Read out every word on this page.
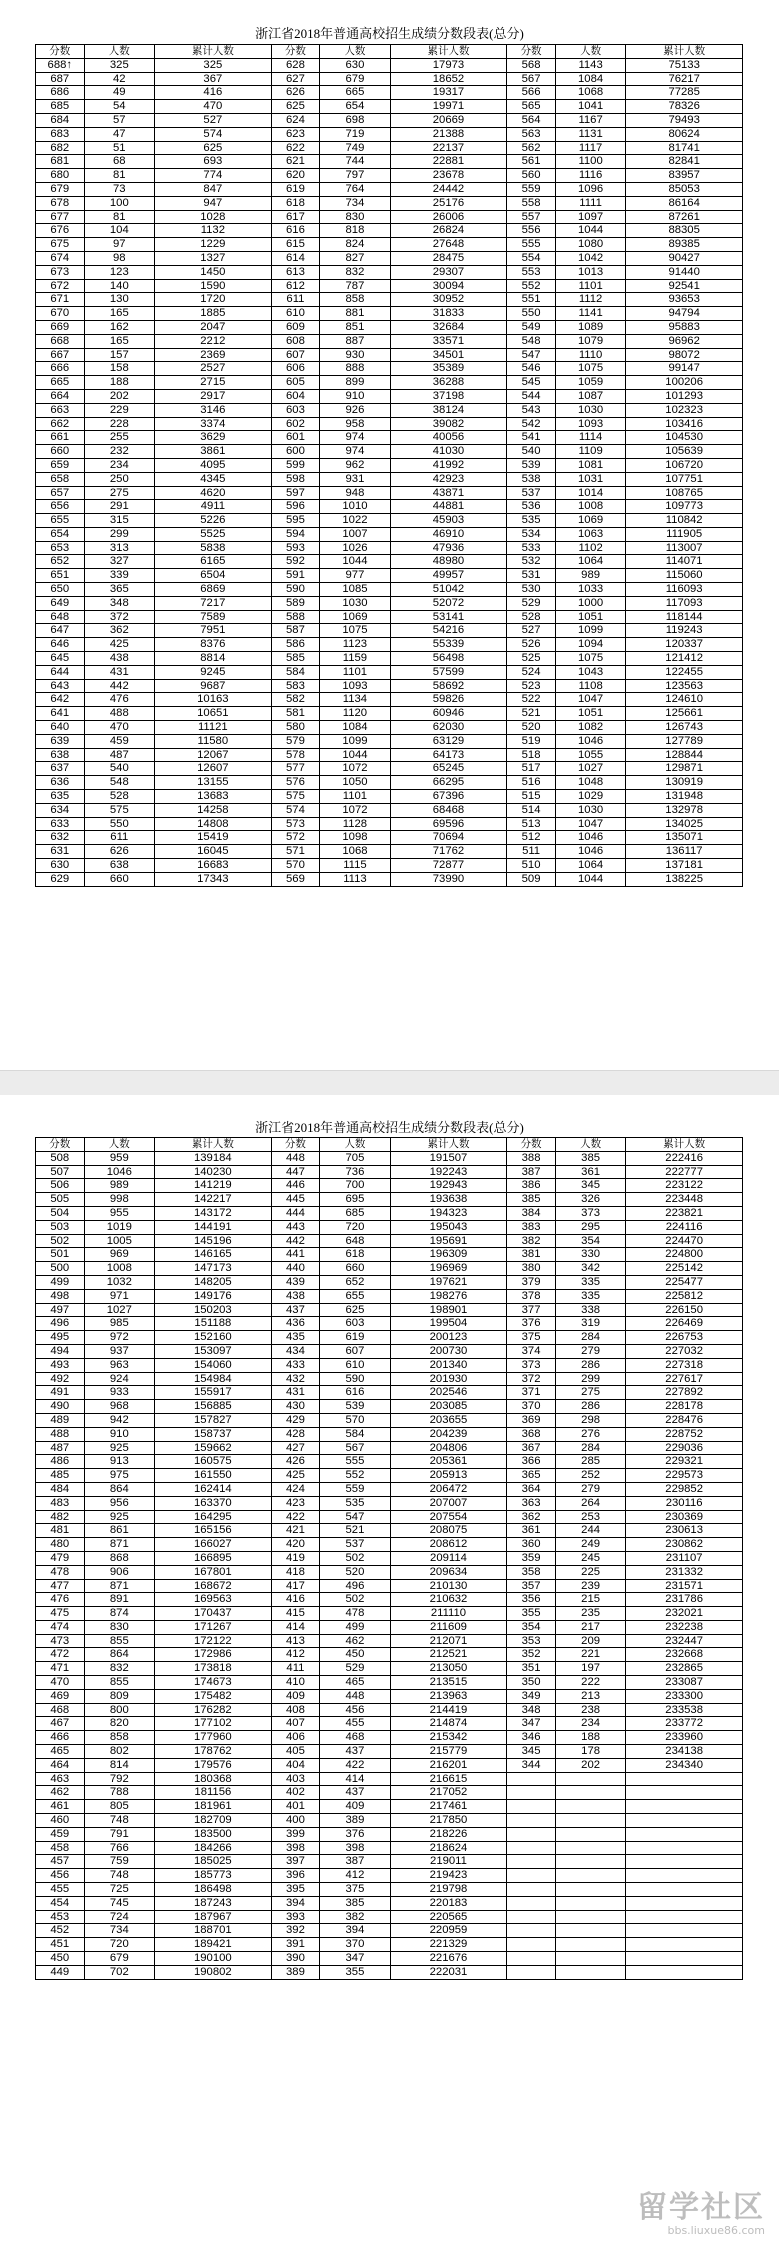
浙江省2018年普通高校招生成绩分数段表(总分)
分数	人数	累计人数	分数	人数	累计人数	分数	人数	累计人数
688↑	325	325	628	630	17973	568	1143	75133
687	42	367	627	679	18652	567	1084	76217
686	49	416	626	665	19317	566	1068	77285
685	54	470	625	654	19971	565	1041	78326
684	57	527	624	698	20669	564	1167	79493
683	47	574	623	719	21388	563	1131	80624
682	51	625	622	749	22137	562	1117	81741
681	68	693	621	744	22881	561	1100	82841
680	81	774	620	797	23678	560	1116	83957
679	73	847	619	764	24442	559	1096	85053
678	100	947	618	734	25176	558	1111	86164
677	81	1028	617	830	26006	557	1097	87261
676	104	1132	616	818	26824	556	1044	88305
675	97	1229	615	824	27648	555	1080	89385
674	98	1327	614	827	28475	554	1042	90427
673	123	1450	613	832	29307	553	1013	91440
672	140	1590	612	787	30094	552	1101	92541
671	130	1720	611	858	30952	551	1112	93653
670	165	1885	610	881	31833	550	1141	94794
669	162	2047	609	851	32684	549	1089	95883
668	165	2212	608	887	33571	548	1079	96962
667	157	2369	607	930	34501	547	1110	98072
666	158	2527	606	888	35389	546	1075	99147
665	188	2715	605	899	36288	545	1059	100206
664	202	2917	604	910	37198	544	1087	101293
663	229	3146	603	926	38124	543	1030	102323
662	228	3374	602	958	39082	542	1093	103416
661	255	3629	601	974	40056	541	1114	104530
660	232	3861	600	974	41030	540	1109	105639
659	234	4095	599	962	41992	539	1081	106720
658	250	4345	598	931	42923	538	1031	107751
657	275	4620	597	948	43871	537	1014	108765
656	291	4911	596	1010	44881	536	1008	109773
655	315	5226	595	1022	45903	535	1069	110842
654	299	5525	594	1007	46910	534	1063	111905
653	313	5838	593	1026	47936	533	1102	113007
652	327	6165	592	1044	48980	532	1064	114071
651	339	6504	591	977	49957	531	989	115060
650	365	6869	590	1085	51042	530	1033	116093
649	348	7217	589	1030	52072	529	1000	117093
648	372	7589	588	1069	53141	528	1051	118144
647	362	7951	587	1075	54216	527	1099	119243
646	425	8376	586	1123	55339	526	1094	120337
645	438	8814	585	1159	56498	525	1075	121412
644	431	9245	584	1101	57599	524	1043	122455
643	442	9687	583	1093	58692	523	1108	123563
642	476	10163	582	1134	59826	522	1047	124610
641	488	10651	581	1120	60946	521	1051	125661
640	470	11121	580	1084	62030	520	1082	126743
639	459	11580	579	1099	63129	519	1046	127789
638	487	12067	578	1044	64173	518	1055	128844
637	540	12607	577	1072	65245	517	1027	129871
636	548	13155	576	1050	66295	516	1048	130919
635	528	13683	575	1101	67396	515	1029	131948
634	575	14258	574	1072	68468	514	1030	132978
633	550	14808	573	1128	69596	513	1047	134025
632	611	15419	572	1098	70694	512	1046	135071
631	626	16045	571	1068	71762	511	1046	136117
630	638	16683	570	1115	72877	510	1064	137181
629	660	17343	569	1113	73990	509	1044	138225
浙江省2018年普通高校招生成绩分数段表(总分)
分数	人数	累计人数	分数	人数	累计人数	分数	人数	累计人数
508	959	139184	448	705	191507	388	385	222416
507	1046	140230	447	736	192243	387	361	222777
506	989	141219	446	700	192943	386	345	223122
505	998	142217	445	695	193638	385	326	223448
504	955	143172	444	685	194323	384	373	223821
503	1019	144191	443	720	195043	383	295	224116
502	1005	145196	442	648	195691	382	354	224470
501	969	146165	441	618	196309	381	330	224800
500	1008	147173	440	660	196969	380	342	225142
499	1032	148205	439	652	197621	379	335	225477
498	971	149176	438	655	198276	378	335	225812
497	1027	150203	437	625	198901	377	338	226150
496	985	151188	436	603	199504	376	319	226469
495	972	152160	435	619	200123	375	284	226753
494	937	153097	434	607	200730	374	279	227032
493	963	154060	433	610	201340	373	286	227318
492	924	154984	432	590	201930	372	299	227617
491	933	155917	431	616	202546	371	275	227892
490	968	156885	430	539	203085	370	286	228178
489	942	157827	429	570	203655	369	298	228476
488	910	158737	428	584	204239	368	276	228752
487	925	159662	427	567	204806	367	284	229036
486	913	160575	426	555	205361	366	285	229321
485	975	161550	425	552	205913	365	252	229573
484	864	162414	424	559	206472	364	279	229852
483	956	163370	423	535	207007	363	264	230116
482	925	164295	422	547	207554	362	253	230369
481	861	165156	421	521	208075	361	244	230613
480	871	166027	420	537	208612	360	249	230862
479	868	166895	419	502	209114	359	245	231107
478	906	167801	418	520	209634	358	225	231332
477	871	168672	417	496	210130	357	239	231571
476	891	169563	416	502	210632	356	215	231786
475	874	170437	415	478	211110	355	235	232021
474	830	171267	414	499	211609	354	217	232238
473	855	172122	413	462	212071	353	209	232447
472	864	172986	412	450	212521	352	221	232668
471	832	173818	411	529	213050	351	197	232865
470	855	174673	410	465	213515	350	222	233087
469	809	175482	409	448	213963	349	213	233300
468	800	176282	408	456	214419	348	238	233538
467	820	177102	407	455	214874	347	234	233772
466	858	177960	406	468	215342	346	188	233960
465	802	178762	405	437	215779	345	178	234138
464	814	179576	404	422	216201	344	202	234340
463	792	180368	403	414	216615			
462	788	181156	402	437	217052			
461	805	181961	401	409	217461			
460	748	182709	400	389	217850			
459	791	183500	399	376	218226			
458	766	184266	398	398	218624			
457	759	185025	397	387	219011			
456	748	185773	396	412	219423			
455	725	186498	395	375	219798			
454	745	187243	394	385	220183			
453	724	187967	393	382	220565			
452	734	188701	392	394	220959			
451	720	189421	391	370	221329			
450	679	190100	390	347	221676			
449	702	190802	389	355	222031			
留学社区
bbs.liuxue86.com
